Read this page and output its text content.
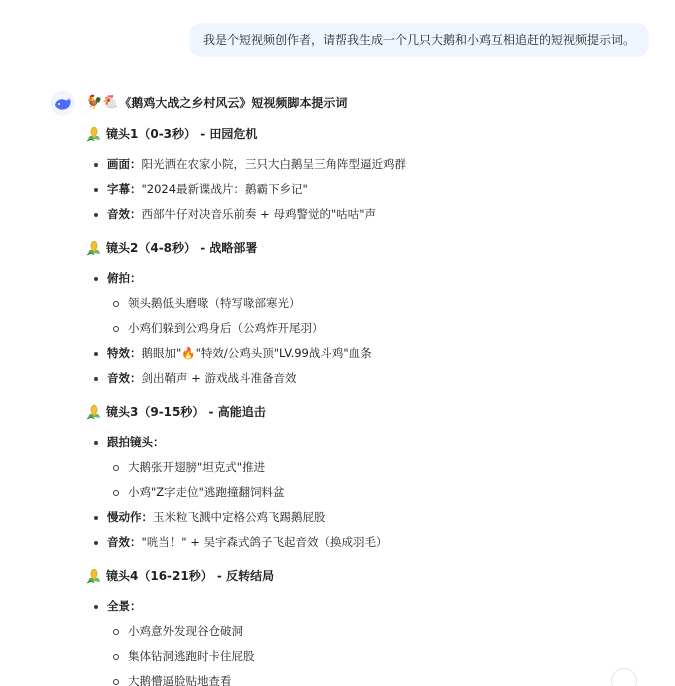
我是个短视频创作者，请帮我生成一个几只大鹅和小鸡互相追赶的短视频提示词。
🐓🐔 《鹅鸡大战之乡村风云》短视频脚本提示词
镜头1（0-3秒） - 田园危机
画面：阳光洒在农家小院，三只大白鹅呈三角阵型逼近鸡群
字幕："2024最新谍战片：鹅霸下乡记"
音效：西部牛仔对决音乐前奏 + 母鸡警觉的"咕咕"声
镜头2（4-8秒） - 战略部署
俯拍：
领头鹅低头磨喙（特写喙部寒光）
小鸡们躲到公鸡身后（公鸡炸开尾羽）
特效：鹅眼加"🔥"特效/公鸡头顶"LV.99战斗鸡"血条
音效：剑出鞘声 + 游戏战斗准备音效
镜头3（9-15秒） - 高能追击
跟拍镜头：
大鹅张开翅膀"坦克式"推进
小鸡"Z字走位"逃跑撞翻饲料盆
慢动作：玉米粒飞溅中定格公鸡飞踢鹅屁股
音效："咣当！" + 吴宇森式鸽子飞起音效（换成羽毛）
镜头4（16-21秒） - 反转结局
全景：
小鸡意外发现谷仓破洞
集体钻洞逃跑时卡住屁股
大鹅懵逼脸贴地查看
